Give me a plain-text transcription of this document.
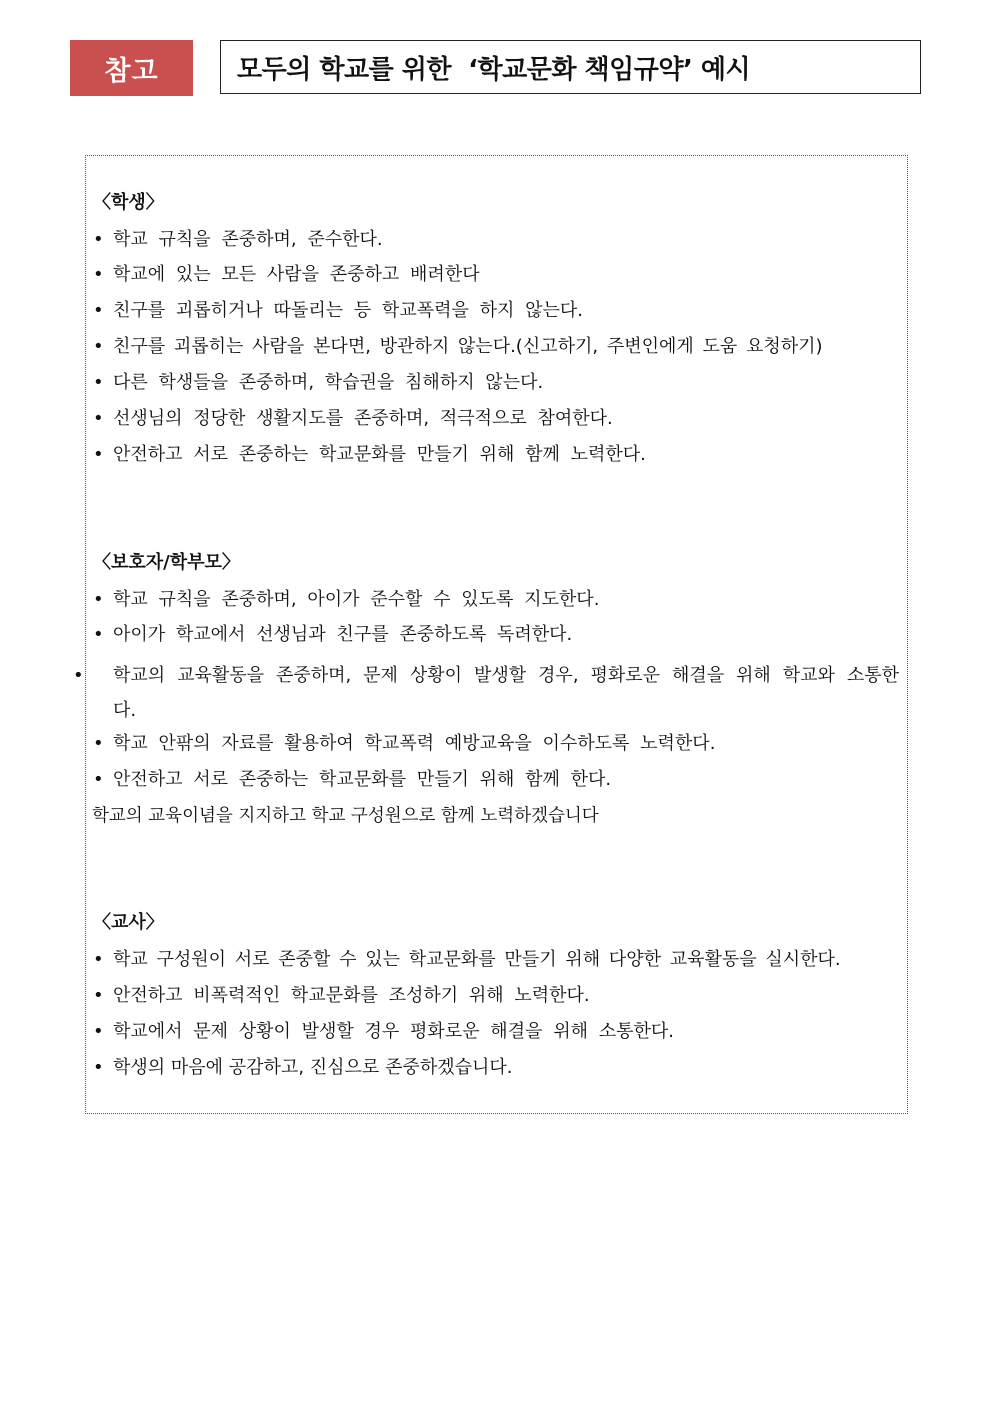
참고	모두의 학교를 위한  ‘학교문화 책임규약’ 예시
〈학생〉
• 학교 규칙을 존중하며, 준수한다.
• 학교에 있는 모든 사람을 존중하고 배려한다
• 친구를 괴롭히거나 따돌리는 등 학교폭력을 하지 않는다.
• 친구를 괴롭히는 사람을 본다면, 방관하지 않는다.(신고하기, 주변인에게 도움 요청하기)
• 다른 학생들을 존중하며, 학습권을 침해하지 않는다.
• 선생님의 정당한 생활지도를 존중하며, 적극적으로 참여한다.
• 안전하고 서로 존중하는 학교문화를 만들기 위해 함께 노력한다.
〈보호자/학부모〉
• 학교 규칙을 존중하며, 아이가 준수할 수 있도록 지도한다.
• 아이가 학교에서 선생님과 친구를 존중하도록 독려한다.
• 학교의 교육활동을 존중하며, 문제 상황이 발생할 경우, 평화로운 해결을 위해 학교와 소통한다.
• 학교 안팎의 자료를 활용하여 학교폭력 예방교육을 이수하도록 노력한다.
• 안전하고 서로 존중하는 학교문화를 만들기 위해 함께 한다.
학교의 교육이념을 지지하고 학교 구성원으로 함께 노력하겠습니다
〈교사〉
• 학교 구성원이 서로 존중할 수 있는 학교문화를 만들기 위해 다양한 교육활동을 실시한다.
• 안전하고 비폭력적인 학교문화를 조성하기 위해 노력한다.
• 학교에서 문제 상황이 발생할 경우 평화로운 해결을 위해 소통한다.
• 학생의 마음에 공감하고, 진심으로 존중하겠습니다.
